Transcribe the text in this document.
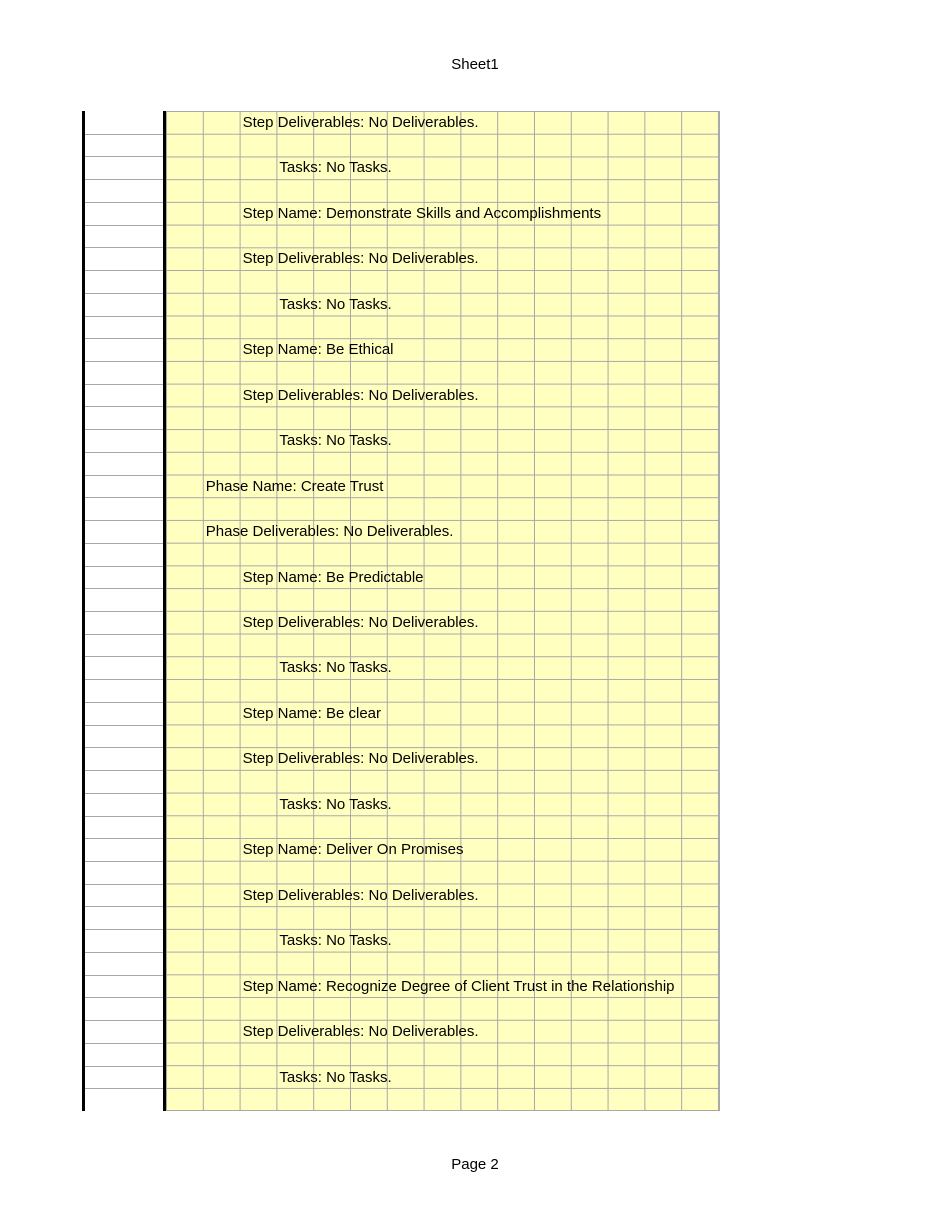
Sheet1
Step Deliverables: No Deliverables.
Tasks: No Tasks.
Step Name: Demonstrate Skills and Accomplishments
Step Deliverables: No Deliverables.
Tasks: No Tasks.
Step Name: Be Ethical
Step Deliverables: No Deliverables.
Tasks: No Tasks.
Phase Name: Create Trust
Phase Deliverables: No Deliverables.
Step Name: Be Predictable
Step Deliverables: No Deliverables.
Tasks: No Tasks.
Step Name: Be clear
Step Deliverables: No Deliverables.
Tasks: No Tasks.
Step Name: Deliver On Promises
Step Deliverables: No Deliverables.
Tasks: No Tasks.
Step Name: Recognize Degree of Client Trust in the Relationship
Step Deliverables: No Deliverables.
Tasks: No Tasks.
Page 2
